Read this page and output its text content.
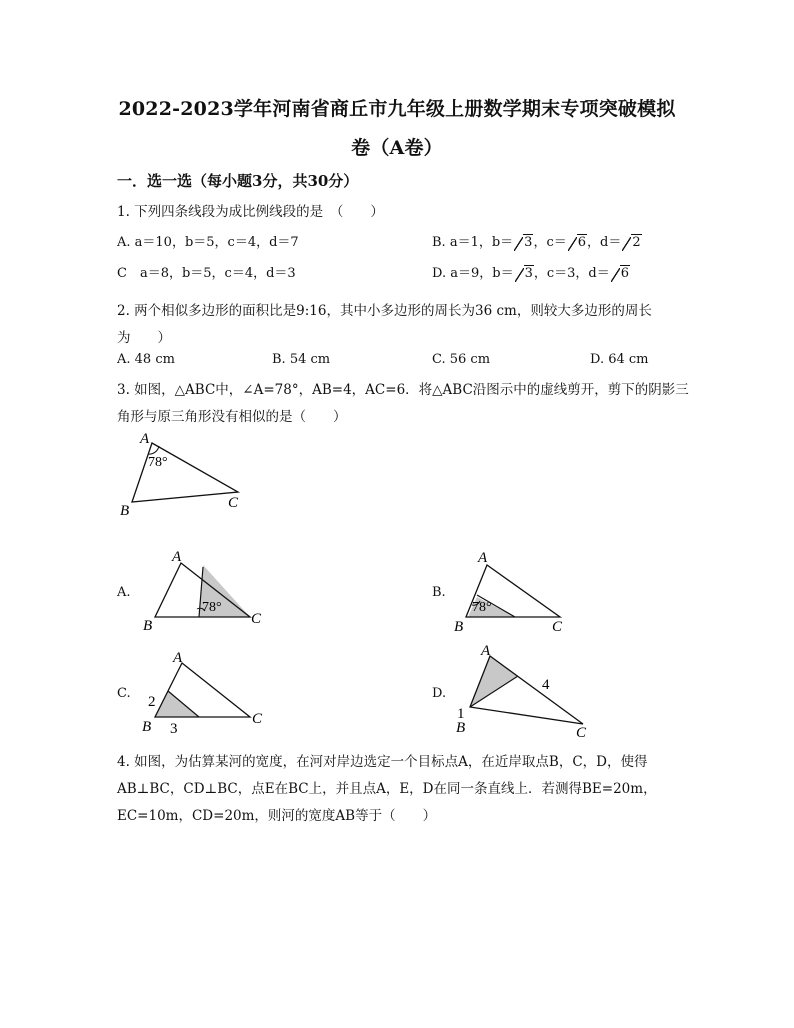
2022-2023学年河南省商丘市九年级上册数学期末专项突破模拟
卷（A卷）
一．选一选（每小题3分，共30分）
1. 下列四条线段为成比例线段的是　（　　）
A. a＝10，b＝5，c＝4，d＝7	B. a＝1，b＝ 3，c＝ 6，d＝ 2
C　a＝8，b＝5，c＝4，d＝3	D. a＝9，b＝ 3，c＝3，d＝ 6
2. 两个相似多边形的面积比是9:16，其中小多边形的周长为36 cm，则较大多边形的周长
为　　）
A. 48 cm	B. 54 cm	C. 56 cm	D. 64 cm
3. 如图，△ABC中，∠A=78°，AB=4，AC=6．将△ABC沿图示中的虚线剪开，剪下的阴影三
角形与原三角形没有相似的是（　　）
A
B	C
78°
A.
A
B	C
78°
B.
A
B	C
78°
C.
A
B	C
2
3
D.
A
B	C
1
4
4. 如图，为估算某河的宽度，在河对岸边选定一个目标点A，在近岸取点B，C，D，使得
AB⊥BC，CD⊥BC，点E在BC上，并且点A，E，D在同一条直线上．若测得BE=20m，
EC=10m，CD=20m，则河的宽度AB等于（　　）
